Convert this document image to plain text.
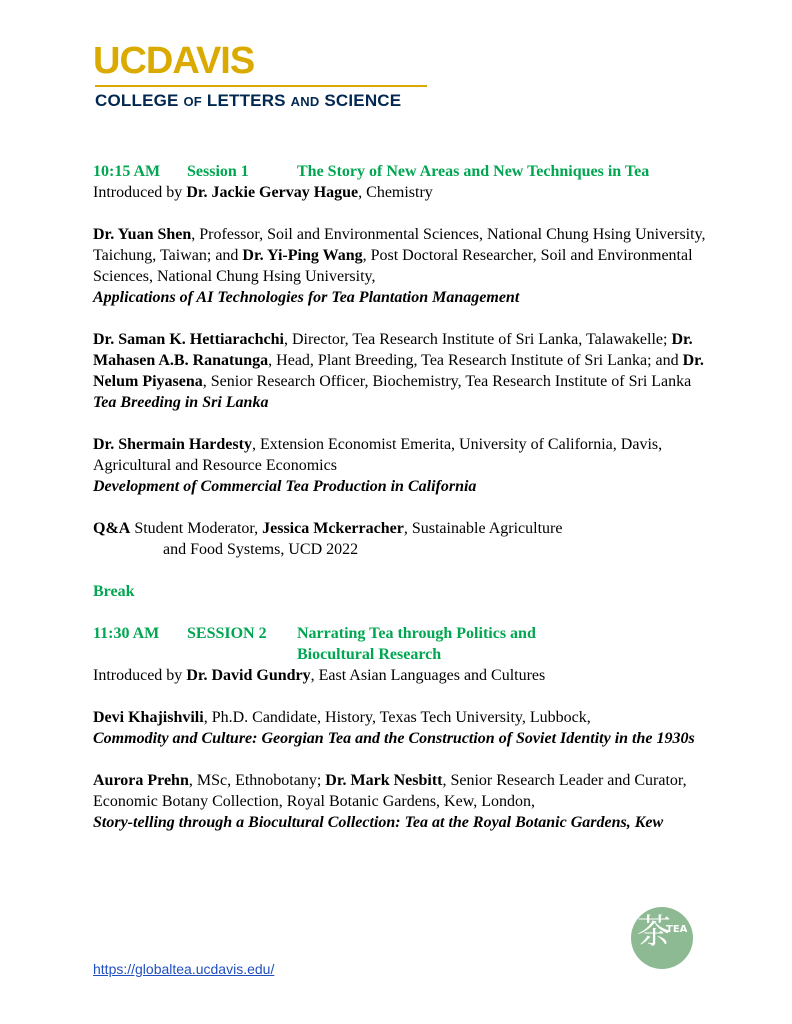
UCDAVIS
COLLEGE OF LETTERS AND SCIENCE

10:15 AM Session 1	The Story of New Areas and New Techniques in Tea

Introduced by Dr. Jackie Gervay Hague, Chemistry

Dr. Yuan Shen, Professor, Soil and Environmental Sciences, National Chung Hsing University, Taichung, Taiwan; and Dr. Yi-Ping Wang, Post Doctoral Researcher, Soil and Environmental Sciences, National Chung Hsing University,

Applications of AI Technologies for Tea Plantation Management

Dr. Saman K. Hettiarachchi, Director, Tea Research Institute of Sri Lanka, Talawakelle; Dr. Mahasen A.B. Ranatunga, Head, Plant Breeding, Tea Research Institute of Sri Lanka; and Dr. Nelum Piyasena, Senior Research Officer, Biochemistry, Tea Research Institute of Sri Lanka

Tea Breeding in Sri Lanka

Dr. Shermain Hardesty, Extension Economist Emerita, University of California, Davis, Agricultural and Resource Economics

Development of Commercial Tea Production in California

Q&A Student Moderator, Jessica Mckerracher, Sustainable Agriculture

and Food Systems, UCD 2022

Break

11:30 AM SESSION 2 Narrating Tea through Politics and

Biocultural Research

Introduced by Dr. David Gundry, East Asian Languages and Cultures

Devi Khajishvili, Ph.D. Candidate, History, Texas Tech University, Lubbock,

Commodity and Culture: Georgian Tea and the Construction of Soviet Identity in the 1930s

Aurora Prehn, MSc, Ethnobotany; Dr. Mark Nesbitt, Senior Research Leader and Curator, Economic Botany Collection, Royal Botanic Gardens, Kew, London,

Story-telling through a Biocultural Collection: Tea at the Royal Botanic Gardens, Kew

茶
TEA
https://globaltea.ucdavis.edu/
